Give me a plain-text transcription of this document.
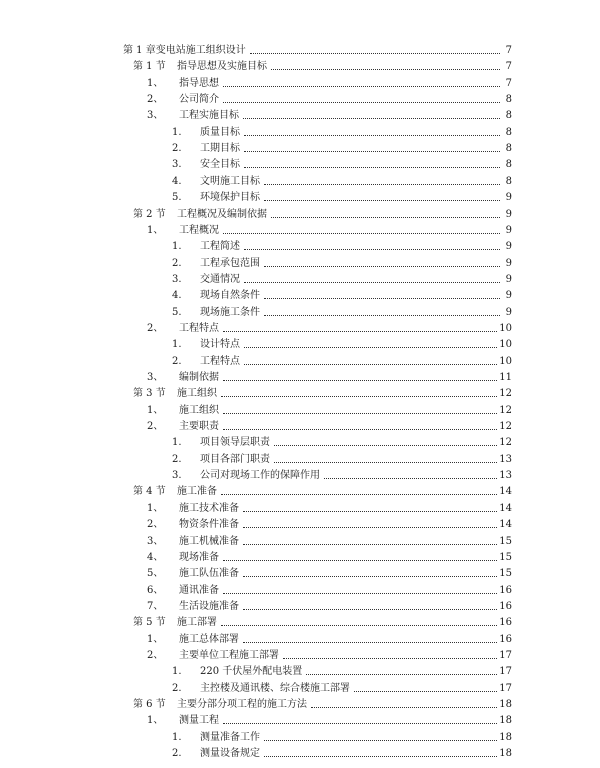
第 1 章 变电站施工组织设计	7
第 1 节	指导思想及实施目标	7
1、	指导思想	7
2、	公司简介	8
3、	工程实施目标	8
1.	质量目标	8
2.	工期目标	8
3.	安全目标	8
4.	文明施工目标	8
5.	环境保护目标	9
第 2 节	工程概况及编制依据	9
1、	工程概况	9
1.	工程简述	9
2.	工程承包范围	9
3.	交通情况	9
4.	现场自然条件	9
5.	现场施工条件	9
2、	工程特点	10
1.	设计特点	10
2.	工程特点	10
3、	编制依据	11
第 3 节	施工组织	12
1、	施工组织	12
2、	主要职责	12
1.	项目领导层职责	12
2.	项目各部门职责	13
3.	公司对现场工作的保障作用	13
第 4 节	施工准备	14
1、	施工技术准备	14
2、	物资条件准备	14
3、	施工机械准备	15
4、	现场准备	15
5、	施工队伍准备	15
6、	通讯准备	16
7、	生活设施准备	16
第 5 节	施工部署	16
1、	施工总体部署	16
2、	主要单位工程施工部署	17
1.	220 千伏屋外配电装置	17
2.	主控楼及通讯楼、综合楼施工部署	17
第 6 节	主要分部分项工程的施工方法	18
1、	测量工程	18
1.	测量准备工作	18
2.	测量设备规定	18
